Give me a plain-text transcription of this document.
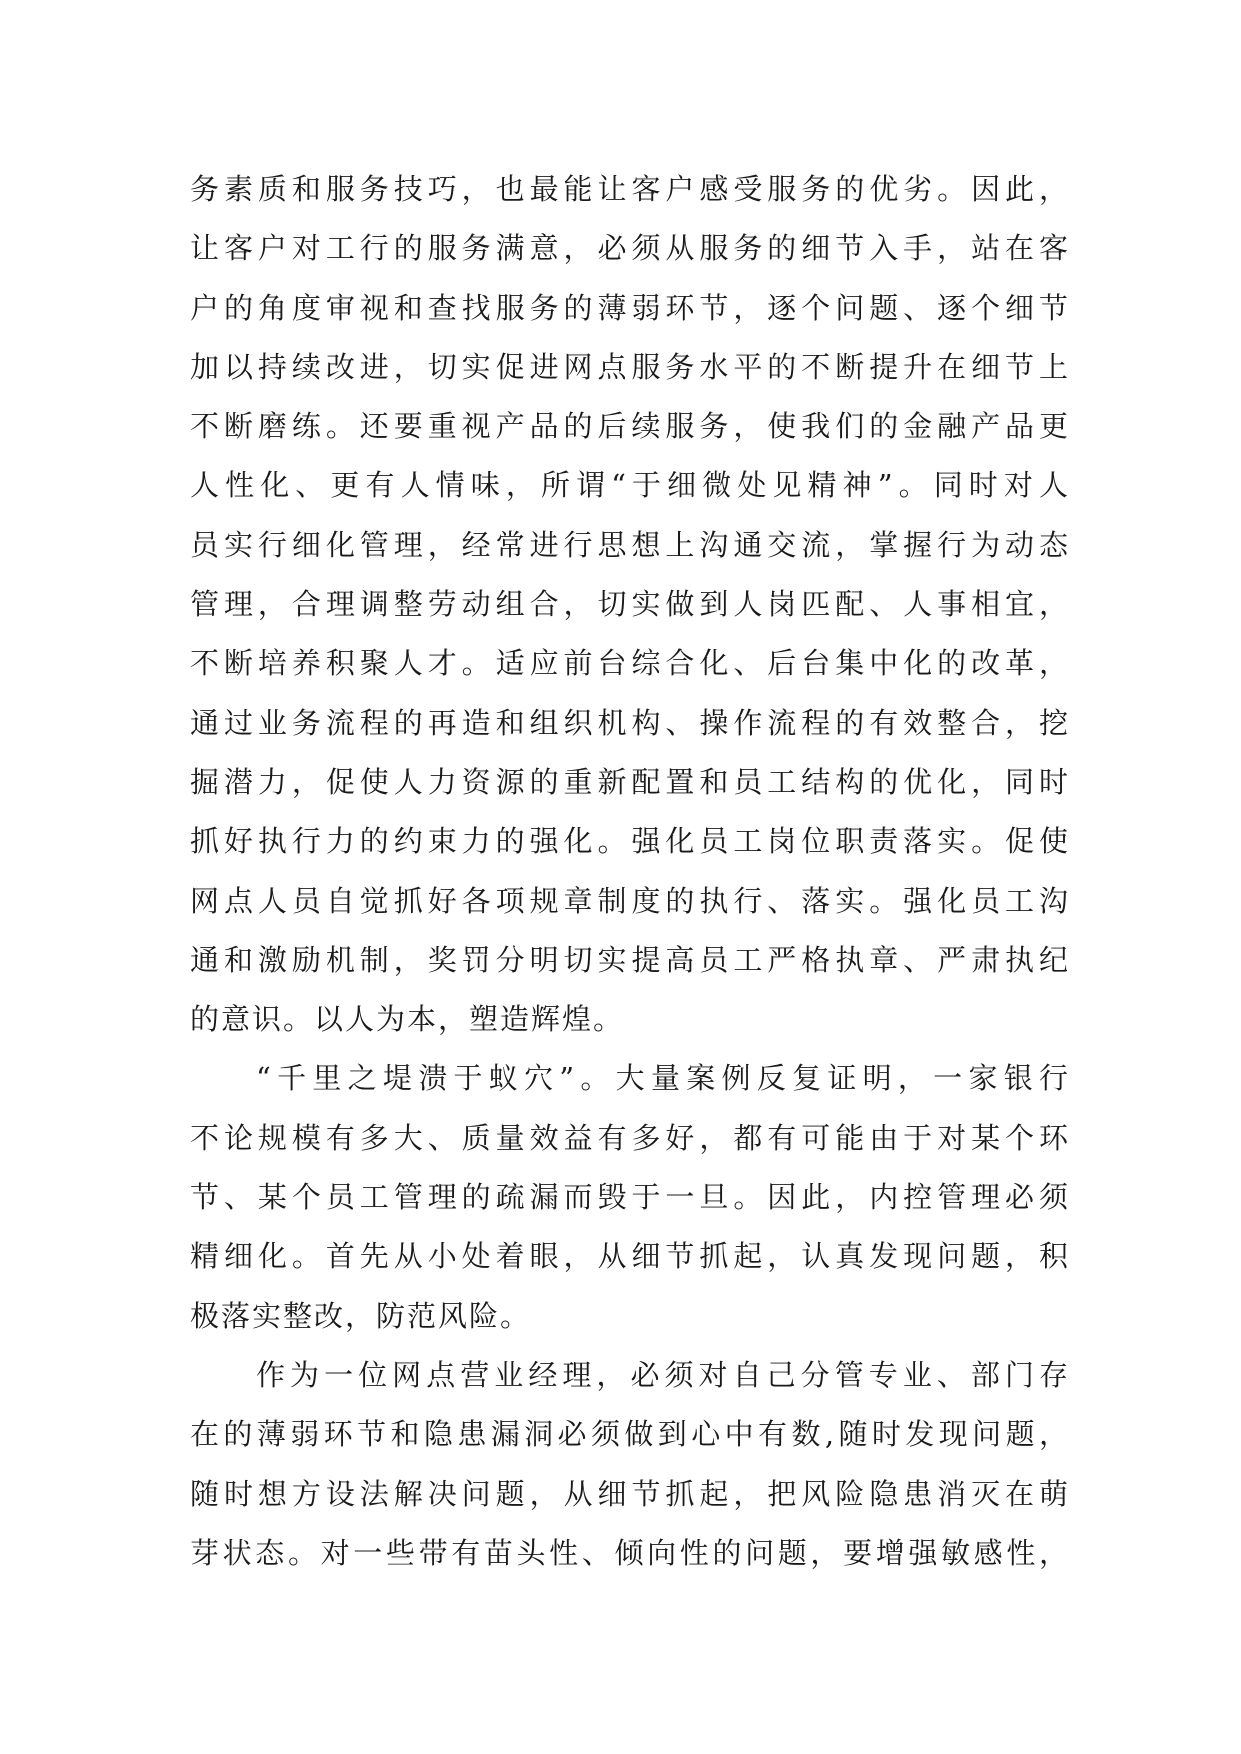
务素质和服务技巧，也最能让客户感受服务的优劣。因此，
让客户对工行的服务满意，必须从服务的细节入手，站在客
户的角度审视和查找服务的薄弱环节，逐个问题、逐个细节
加以持续改进，切实促进网点服务水平的不断提升在细节上
不断磨练。还要重视产品的后续服务，使我们的金融产品更
人性化、更有人情味，所谓“于细微处见精神”。同时对人
员实行细化管理，经常进行思想上沟通交流，掌握行为动态
管理，合理调整劳动组合，切实做到人岗匹配、人事相宜，
不断培养积聚人才。适应前台综合化、后台集中化的改革，
通过业务流程的再造和组织机构、操作流程的有效整合，挖
掘潜力，促使人力资源的重新配置和员工结构的优化，同时
抓好执行力的约束力的强化。强化员工岗位职责落实。促使
网点人员自觉抓好各项规章制度的执行、落实。强化员工沟
通和激励机制，奖罚分明切实提高员工严格执章、严肃执纪
的意识。以人为本，塑造辉煌。
“千里之堤溃于蚁穴”。大量案例反复证明，一家银行
不论规模有多大、质量效益有多好，都有可能由于对某个环
节、某个员工管理的疏漏而毁于一旦。因此，内控管理必须
精细化。首先从小处着眼，从细节抓起，认真发现问题，积
极落实整改，防范风险。
作为一位网点营业经理，必须对自己分管专业、部门存
在的薄弱环节和隐患漏洞必须做到心中有数,随时发现问题，
随时想方设法解决问题，从细节抓起，把风险隐患消灭在萌
芽状态。对一些带有苗头性、倾向性的问题，要增强敏感性，
